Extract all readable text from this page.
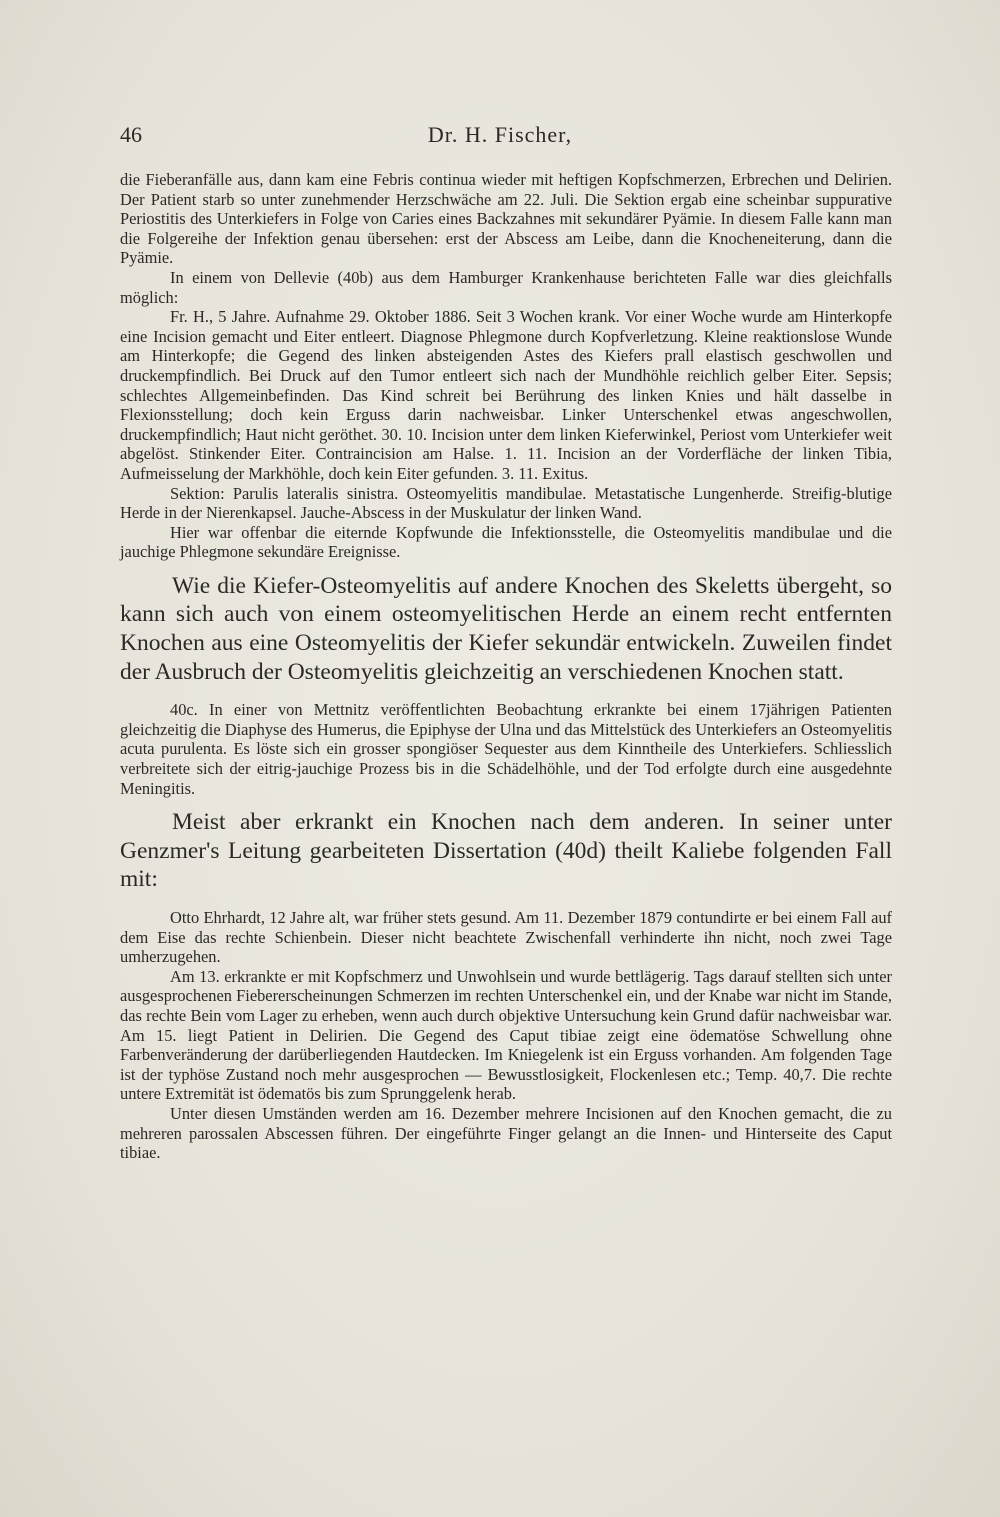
46	Dr. H. Fischer,

die Fieberanfälle aus, dann kam eine Febris continua wieder mit heftigen Kopfschmerzen, Erbrechen und Delirien. Der Patient starb so unter zunehmender Herzschwäche am 22. Juli. Die Sektion ergab eine scheinbar suppurative Periostitis des Unterkiefers in Folge von Caries eines Backzahnes mit sekundärer Pyämie. In diesem Falle kann man die Folgereihe der Infektion genau übersehen: erst der Abscess am Leibe, dann die Knocheneiterung, dann die Pyämie.

In einem von Dellevie (40b) aus dem Hamburger Krankenhause berichteten Falle war dies gleichfalls möglich:

Fr. H., 5 Jahre. Aufnahme 29. Oktober 1886. Seit 3 Wochen krank. Vor einer Woche wurde am Hinterkopfe eine Incision gemacht und Eiter entleert. Diagnose Phlegmone durch Kopfverletzung. Kleine reaktionslose Wunde am Hinterkopfe; die Gegend des linken absteigenden Astes des Kiefers prall elastisch geschwollen und druckempfindlich. Bei Druck auf den Tumor entleert sich nach der Mundhöhle reichlich gelber Eiter. Sepsis; schlechtes Allgemeinbefinden. Das Kind schreit bei Berührung des linken Knies und hält dasselbe in Flexionsstellung; doch kein Erguss darin nachweisbar. Linker Unterschenkel etwas angeschwollen, druckempfindlich; Haut nicht geröthet. 30. 10. Incision unter dem linken Kieferwinkel, Periost vom Unterkiefer weit abgelöst. Stinkender Eiter. Contraincision am Halse. 1. 11. Incision an der Vorderfläche der linken Tibia, Aufmeisselung der Markhöhle, doch kein Eiter gefunden. 3. 11. Exitus.

Sektion: Parulis lateralis sinistra. Osteomyelitis mandibulae. Metastatische Lungenherde. Streifig-blutige Herde in der Nierenkapsel. Jauche-Abscess in der Muskulatur der linken Wand.

Hier war offenbar die eiternde Kopfwunde die Infektionsstelle, die Osteomyelitis mandibulae und die jauchige Phlegmone sekundäre Ereignisse.

Wie die Kiefer-Osteomyelitis auf andere Knochen des Skeletts übergeht, so kann sich auch von einem osteomyelitischen Herde an einem recht entfernten Knochen aus eine Osteomyelitis der Kiefer sekundär entwickeln. Zuweilen findet der Ausbruch der Osteomyelitis gleichzeitig an verschiedenen Knochen statt.

40c. In einer von Mettnitz veröffentlichten Beobachtung erkrankte bei einem 17jährigen Patienten gleichzeitig die Diaphyse des Humerus, die Epiphyse der Ulna und das Mittelstück des Unterkiefers an Osteomyelitis acuta purulenta. Es löste sich ein grosser spongiöser Sequester aus dem Kinntheile des Unterkiefers. Schliesslich verbreitete sich der eitrig-jauchige Prozess bis in die Schädelhöhle, und der Tod erfolgte durch eine ausgedehnte Meningitis.

Meist aber erkrankt ein Knochen nach dem anderen. In seiner unter Genzmer's Leitung gearbeiteten Dissertation (40d) theilt Kaliebe folgenden Fall mit:

Otto Ehrhardt, 12 Jahre alt, war früher stets gesund. Am 11. Dezember 1879 contundirte er bei einem Fall auf dem Eise das rechte Schienbein. Dieser nicht beachtete Zwischenfall verhinderte ihn nicht, noch zwei Tage umherzugehen.

Am 13. erkrankte er mit Kopfschmerz und Unwohlsein und wurde bettlägerig. Tags darauf stellten sich unter ausgesprochenen Fiebererscheinungen Schmerzen im rechten Unterschenkel ein, und der Knabe war nicht im Stande, das rechte Bein vom Lager zu erheben, wenn auch durch objektive Untersuchung kein Grund dafür nachweisbar war. Am 15. liegt Patient in Delirien. Die Gegend des Caput tibiae zeigt eine ödematöse Schwellung ohne Farbenveränderung der darüberliegenden Hautdecken. Im Kniegelenk ist ein Erguss vorhanden. Am folgenden Tage ist der typhöse Zustand noch mehr ausgesprochen — Bewusstlosigkeit, Flockenlesen etc.; Temp. 40,7. Die rechte untere Extremität ist ödematös bis zum Sprunggelenk herab.

Unter diesen Umständen werden am 16. Dezember mehrere Incisionen auf den Knochen gemacht, die zu mehreren parossalen Abscessen führen. Der eingeführte Finger gelangt an die Innen- und Hinterseite des Caput tibiae.
